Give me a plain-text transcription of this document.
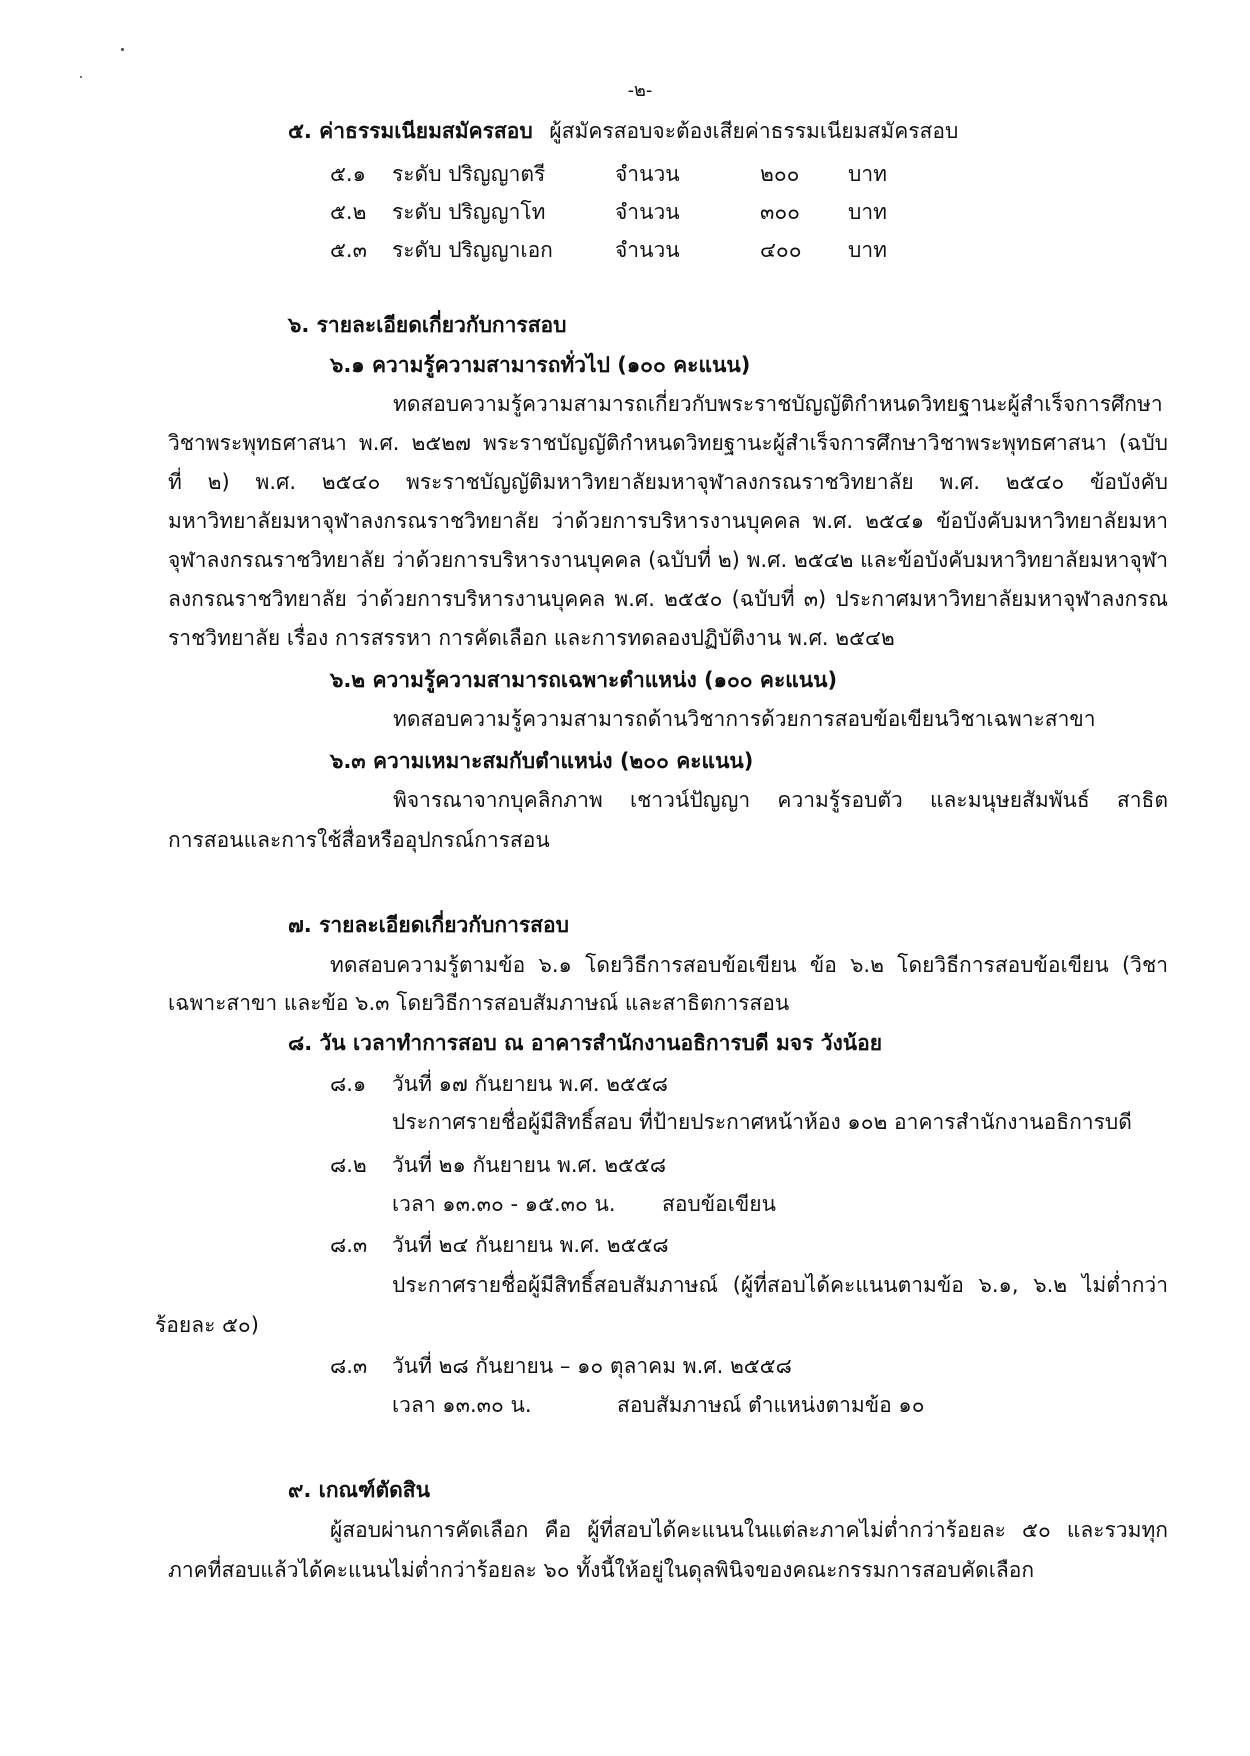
-๒-
๕. ค่าธรรมเนียมสมัครสอบ ผู้สมัครสอบจะต้องเสียค่าธรรมเนียมสมัครสอบ
๕.๑ ระดับ ปริญญาตรี	จำนวน	๒๐๐ บาท
๕.๒ ระดับ ปริญญาโท	จำนวน	๓๐๐ บาท
๕.๓ ระดับ ปริญญาเอก	จำนวน	๔๐๐ บาท
๖. รายละเอียดเกี่ยวกับการสอบ
๖.๑ ความรู้ความสามารถทั่วไป (๑๐๐ คะแนน)
ทดสอบความรู้ความสามารถเกี่ยวกับพระราชบัญญัติกำหนดวิทยฐานะผู้สำเร็จการศึกษา
วิชาพระพุทธศาสนา พ.ศ. ๒๕๒๗ พระราชบัญญัติกำหนดวิทยฐานะผู้สำเร็จการศึกษาวิชาพระพุทธศาสนา (ฉบับ
ที่ ๒) พ.ศ. ๒๕๔๐ พระราชบัญญัติมหาวิทยาลัยมหาจุฬาลงกรณราชวิทยาลัย พ.ศ. ๒๕๔๐ ข้อบังคับ
มหาวิทยาลัยมหาจุฬาลงกรณราชวิทยาลัย ว่าด้วยการบริหารงานบุคคล พ.ศ. ๒๕๔๑ ข้อบังคับมหาวิทยาลัยมหา
จุฬาลงกรณราชวิทยาลัย ว่าด้วยการบริหารงานบุคคล (ฉบับที่ ๒) พ.ศ. ๒๕๔๒ และข้อบังคับมหาวิทยาลัยมหาจุฬา
ลงกรณราชวิทยาลัย ว่าด้วยการบริหารงานบุคคล พ.ศ. ๒๕๕๐ (ฉบับที่ ๓) ประกาศมหาวิทยาลัยมหาจุฬาลงกรณ
ราชวิทยาลัย เรื่อง การสรรหา การคัดเลือก และการทดลองปฏิบัติงาน พ.ศ. ๒๕๔๒
๖.๒ ความรู้ความสามารถเฉพาะตำแหน่ง (๑๐๐ คะแนน)
ทดสอบความรู้ความสามารถด้านวิชาการด้วยการสอบข้อเขียนวิชาเฉพาะสาขา
๖.๓ ความเหมาะสมกับตำแหน่ง (๒๐๐ คะแนน)
พิจารณาจากบุคลิกภาพ เชาวน์ปัญญา ความรู้รอบตัว และมนุษยสัมพันธ์ สาธิต
การสอนและการใช้สื่อหรืออุปกรณ์การสอน
๗. รายละเอียดเกี่ยวกับการสอบ
ทดสอบความรู้ตามข้อ ๖.๑ โดยวิธีการสอบข้อเขียน ข้อ ๖.๒ โดยวิธีการสอบข้อเขียน (วิชา
เฉพาะสาขา และข้อ ๖.๓ โดยวิธีการสอบสัมภาษณ์ และสาธิตการสอน
๘. วัน เวลาทำการสอบ ณ อาคารสำนักงานอธิการบดี มจร วังน้อย
๘.๑ วันที่ ๑๗ กันยายน พ.ศ. ๒๕๕๘
ประกาศรายชื่อผู้มีสิทธิ์สอบ ที่ป้ายประกาศหน้าห้อง ๑๐๒ อาคารสำนักงานอธิการบดี
๘.๒ วันที่ ๒๑ กันยายน พ.ศ. ๒๕๕๘
เวลา ๑๓.๓๐ - ๑๕.๓๐ น. สอบข้อเขียน
๘.๓ วันที่ ๒๔ กันยายน พ.ศ. ๒๕๕๘
ประกาศรายชื่อผู้มีสิทธิ์สอบสัมภาษณ์ (ผู้ที่สอบได้คะแนนตามข้อ ๖.๑, ๖.๒ ไม่ต่ำกว่า
ร้อยละ ๕๐)
๘.๓ วันที่ ๒๘ กันยายน – ๑๐ ตุลาคม พ.ศ. ๒๕๕๘
เวลา ๑๓.๓๐ น.	สอบสัมภาษณ์ ตำแหน่งตามข้อ ๑๐
๙. เกณฑ์ตัดสิน
ผู้สอบผ่านการคัดเลือก คือ ผู้ที่สอบได้คะแนนในแต่ละภาคไม่ต่ำกว่าร้อยละ ๕๐ และรวมทุก
ภาคที่สอบแล้วได้คะแนนไม่ต่ำกว่าร้อยละ ๖๐ ทั้งนี้ให้อยู่ในดุลพินิจของคณะกรรมการสอบคัดเลือก
